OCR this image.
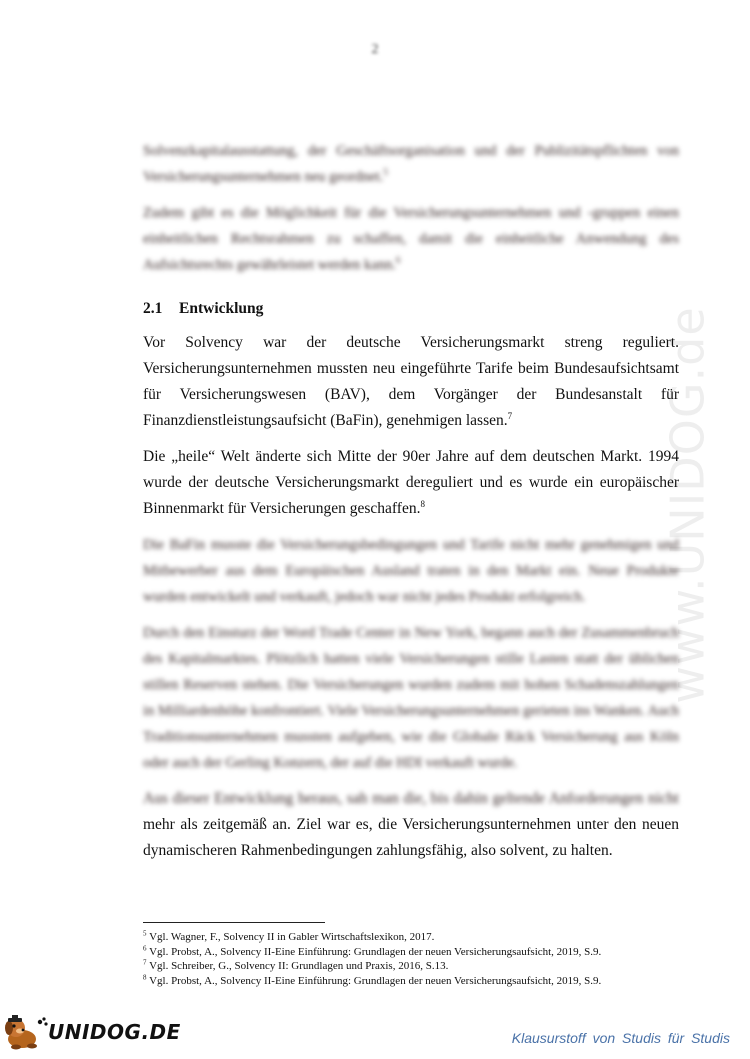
2
www.UNIDOG.de

Solvenzkapitalausstattung, der Geschäftsorganisation und der Publizitätspflichten von Versicherungsunternehmen neu geordnet.$^5$

Zudem gibt es die Möglichkeit für die Versicherungsunternehmen und -gruppen einen einheitlichen Rechtsrahmen zu schaffen, damit die einheitliche Anwendung des Aufsichtsrechts gewährleistet werden kann.$^6$

2.1	Entwicklung

Vor Solvency war der deutsche Versicherungsmarkt streng reguliert. Versicherungsunternehmen mussten neu eingeführte Tarife beim Bundesaufsichtsamt für Versicherungswesen (BAV), dem Vorgänger der Bundesanstalt für Finanzdienstleistungsaufsicht (BaFin), genehmigen lassen.$^7$

Die „heile“ Welt änderte sich Mitte der 90er Jahre auf dem deutschen Markt. 1994 wurde der deutsche Versicherungsmarkt dereguliert und es wurde ein europäischer Binnenmarkt für Versicherungen geschaffen.$^8$

Die BaFin musste die Versicherungsbedingungen und Tarife nicht mehr genehmigen und Mitbewerber aus dem Europäischen Ausland traten in den Markt ein. Neue Produkte wurden entwickelt und verkauft, jedoch war nicht jedes Produkt erfolgreich.

Durch den Einsturz der Word Trade Center in New York, begann auch der Zusammenbruch des Kapitalmarktes. Plötzlich hatten viele Versicherungen stille Lasten statt der üblichen stillen Reserven stehen. Die Versicherungen wurden zudem mit hohen Schadenszahlungen in Milliardenhöhe konfrontiert. Viele Versicherungsunternehmen gerieten ins Wanken. Auch Traditionsunternehmen mussten aufgeben, wie die Globale Räck Versicherung aus Köln oder auch der Gerling Konzern, der auf die HDI verkauft wurde.

Aus dieser Entwicklung heraus, sah man die, bis dahin geltende Anforderungen nicht mehr als zeitgemäß an. Ziel war es, die Versicherungsunternehmen unter den neuen dynamischeren Rahmenbedingungen zahlungsfähig, also solvent, zu halten.

$^5$ Vgl. Wagner, F., Solvency II in Gabler Wirtschaftslexikon, 2017.
$^6$ Vgl. Probst, A., Solvency II-Eine Einführung: Grundlagen der neuen Versicherungsaufsicht, 2019, S.9.
$^7$ Vgl. Schreiber, G., Solvency II: Grundlagen und Praxis, 2016, S.13.
$^8$ Vgl. Probst, A., Solvency II-Eine Einführung: Grundlagen der neuen Versicherungsaufsicht, 2019, S.9.
UNIDOG.DE	Klausurstoff von Studis für Studis
